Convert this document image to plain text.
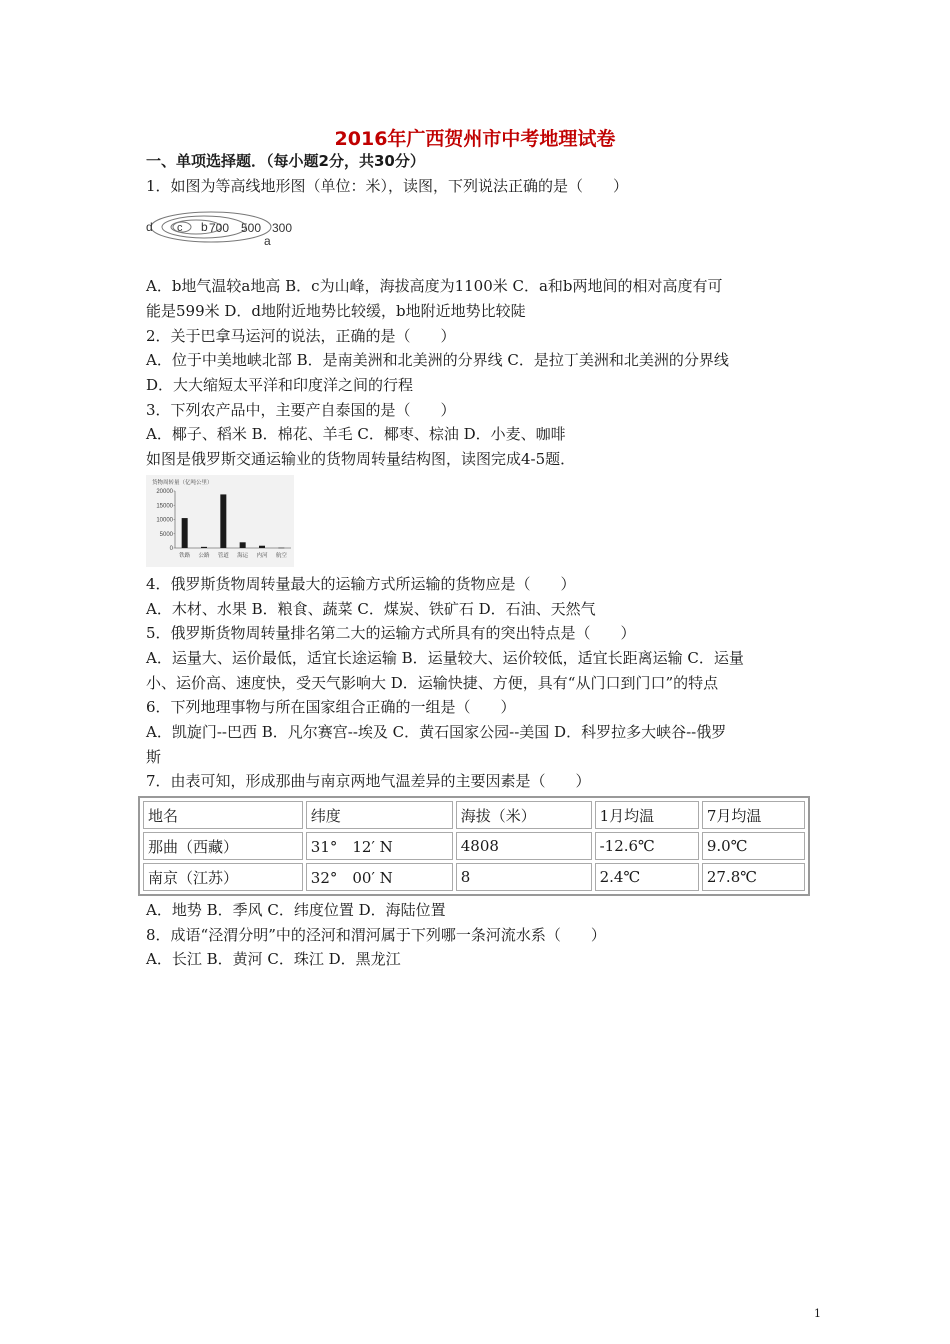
2016年广西贺州市中考地理试卷
一、单项选择题．（每小题2分，共30分）
1．如图为等高线地形图（单位：米），读图，下列说法正确的是（　　）
d c b 700 500 300
a
A．b地气温较a地高 B．c为山峰，海拔高度为1100米 C．a和b两地间的相对高度有可
能是599米 D．d地附近地势比较缓，b地附近地势比较陡
2．关于巴拿马运河的说法，正确的是（　　）
A．位于中美地峡北部 B．是南美洲和北美洲的分界线 C．是拉丁美洲和北美洲的分界线
D．大大缩短太平洋和印度洋之间的行程
3．下列农产品中，主要产自泰国的是（　　）
A．椰子、稻米 B．棉花、羊毛 C．椰枣、棕油 D．小麦、咖啡
如图是俄罗斯交通运输业的货物周转量结构图，读图完成4-5题．
货物周转量（亿吨公里）
20000
15000
10000
5000
0
铁路 公路 管道 海运 内河 航空
4．俄罗斯货物周转量最大的运输方式所运输的货物应是（　　）
A．木材、水果 B．粮食、蔬菜 C．煤炭、铁矿石 D．石油、天然气
5．俄罗斯货物周转量排名第二大的运输方式所具有的突出特点是（　　）
A．运量大、运价最低，适宜长途运输 B．运量较大、运价较低，适宜长距离运输 C．运量
小、运价高、速度快，受天气影响大 D．运输快捷、方便，具有“从门口到门口”的特点
6．下列地理事物与所在国家组合正确的一组是（　　）
A．凯旋门--巴西 B．凡尔赛宫--埃及 C．黄石国家公园--美国 D．科罗拉多大峡谷--俄罗
斯
7．由表可知，形成那曲与南京两地气温差异的主要因素是（　　）
地名	纬度	海拔（米）	1月均温	7月均温
那曲（西藏）	31°　12′ N	4808	-12.6℃	9.0℃
南京（江苏）	32°　00′ N	8	2.4℃	27.8℃
A．地势 B．季风 C．纬度位置 D．海陆位置
8．成语“泾渭分明”中的泾河和渭河属于下列哪一条河流水系（　　）
A．长江 B．黄河 C．珠江 D．黑龙江
1
